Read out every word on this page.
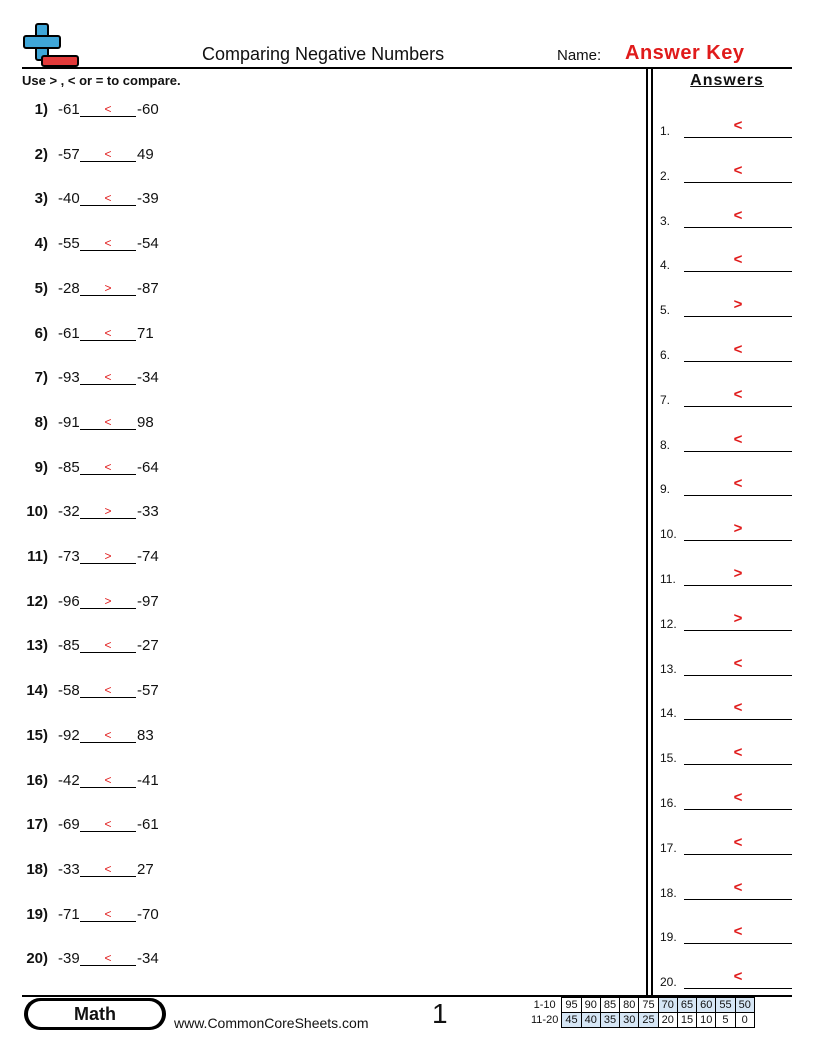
Comparing Negative Numbers	Name: Answer Key
Use > , < or = to compare.	Answers
1) -61	<	-60
2) -57	<	49
3) -40	<	-39
4) -55	<	-54
5) -28	>	-87
6) -61	<	71
7) -93	<	-34
8) -91	<	98
9) -85	<	-64
10) -32	>	-33
11) -73	>	-74
12) -96	>	-97
13) -85	<	-27
14) -58	<	-57
15) -92	<	83
16) -42	<	-41
17) -69	<	-61
18) -33	<	27
19) -71	<	-70
20) -39	<	-34
1.	<
2.	<
3.	<
4.	<
5.	>
6.	<
7.	<
8.	<
9.	<
10.	>
11.	>
12.	>
13.	<
14.	<
15.	<
16.	<
17.	<
18.	<
19.	<
20.	<
Math	www.CommonCoreSheets.com 1	1-10	95	90	85	80	75	70	65	60	55	50
11-20	45	40	35	30	25	20	15	10	5	0
